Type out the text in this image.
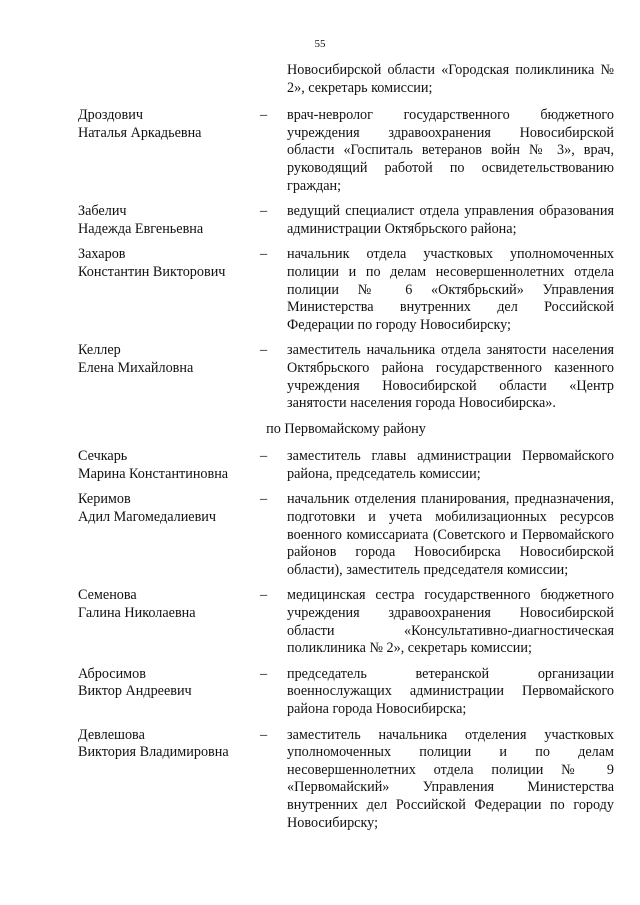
55
Новосибирской области «Городская поликлиника № 2», секретарь комиссии;
Дроздович
Наталья Аркадьевна
–	врач-невролог государственного бюджетного учреждения здравоохранения Новосибирской области «Госпиталь ветеранов войн № 3», врач, руководящий работой по освидетельствованию граждан;
Забелич
Надежда Евгеньевна
–	ведущий специалист отдела управления образования администрации Октябрьского района;
Захаров
Константин Викторович
–	начальник отдела участковых уполномоченных полиции и по делам несовершеннолетних отдела полиции № 6 «Октябрьский» Управления Министерства внутренних дел Российской Федерации по городу Новосибирску;
Келлер
Елена Михайловна
–	заместитель начальника отдела занятости населения Октябрьского района государственного казенного учреждения Новосибирской области «Центр занятости населения города Новосибирска».
по Первомайскому району
Сечкарь
Марина Константиновна
–	заместитель главы администрации Первомайского района, председатель комиссии;
Керимов
Адил Магомедалиевич
–	начальник отделения планирования, предназначения, подготовки и учета мобилизационных ресурсов военного комиссариата (Советского и Первомайского районов города Новосибирска Новосибирской области), заместитель председателя комиссии;
Семенова
Галина Николаевна
–	медицинская сестра государственного бюджетного учреждения здравоохранения Новосибирской области «Консультативно-диагностическая поликлиника № 2», секретарь комиссии;
Абросимов
Виктор Андреевич
–	председатель ветеранской организации военнослужащих администрации Первомайского района города Новосибирска;
Девлешова
Виктория Владимировна
–	заместитель начальника отделения участковых уполномоченных полиции и по делам несовершеннолетних отдела полиции № 9 «Первомайский» Управления Министерства внутренних дел Российской Федерации по городу Новосибирску;
